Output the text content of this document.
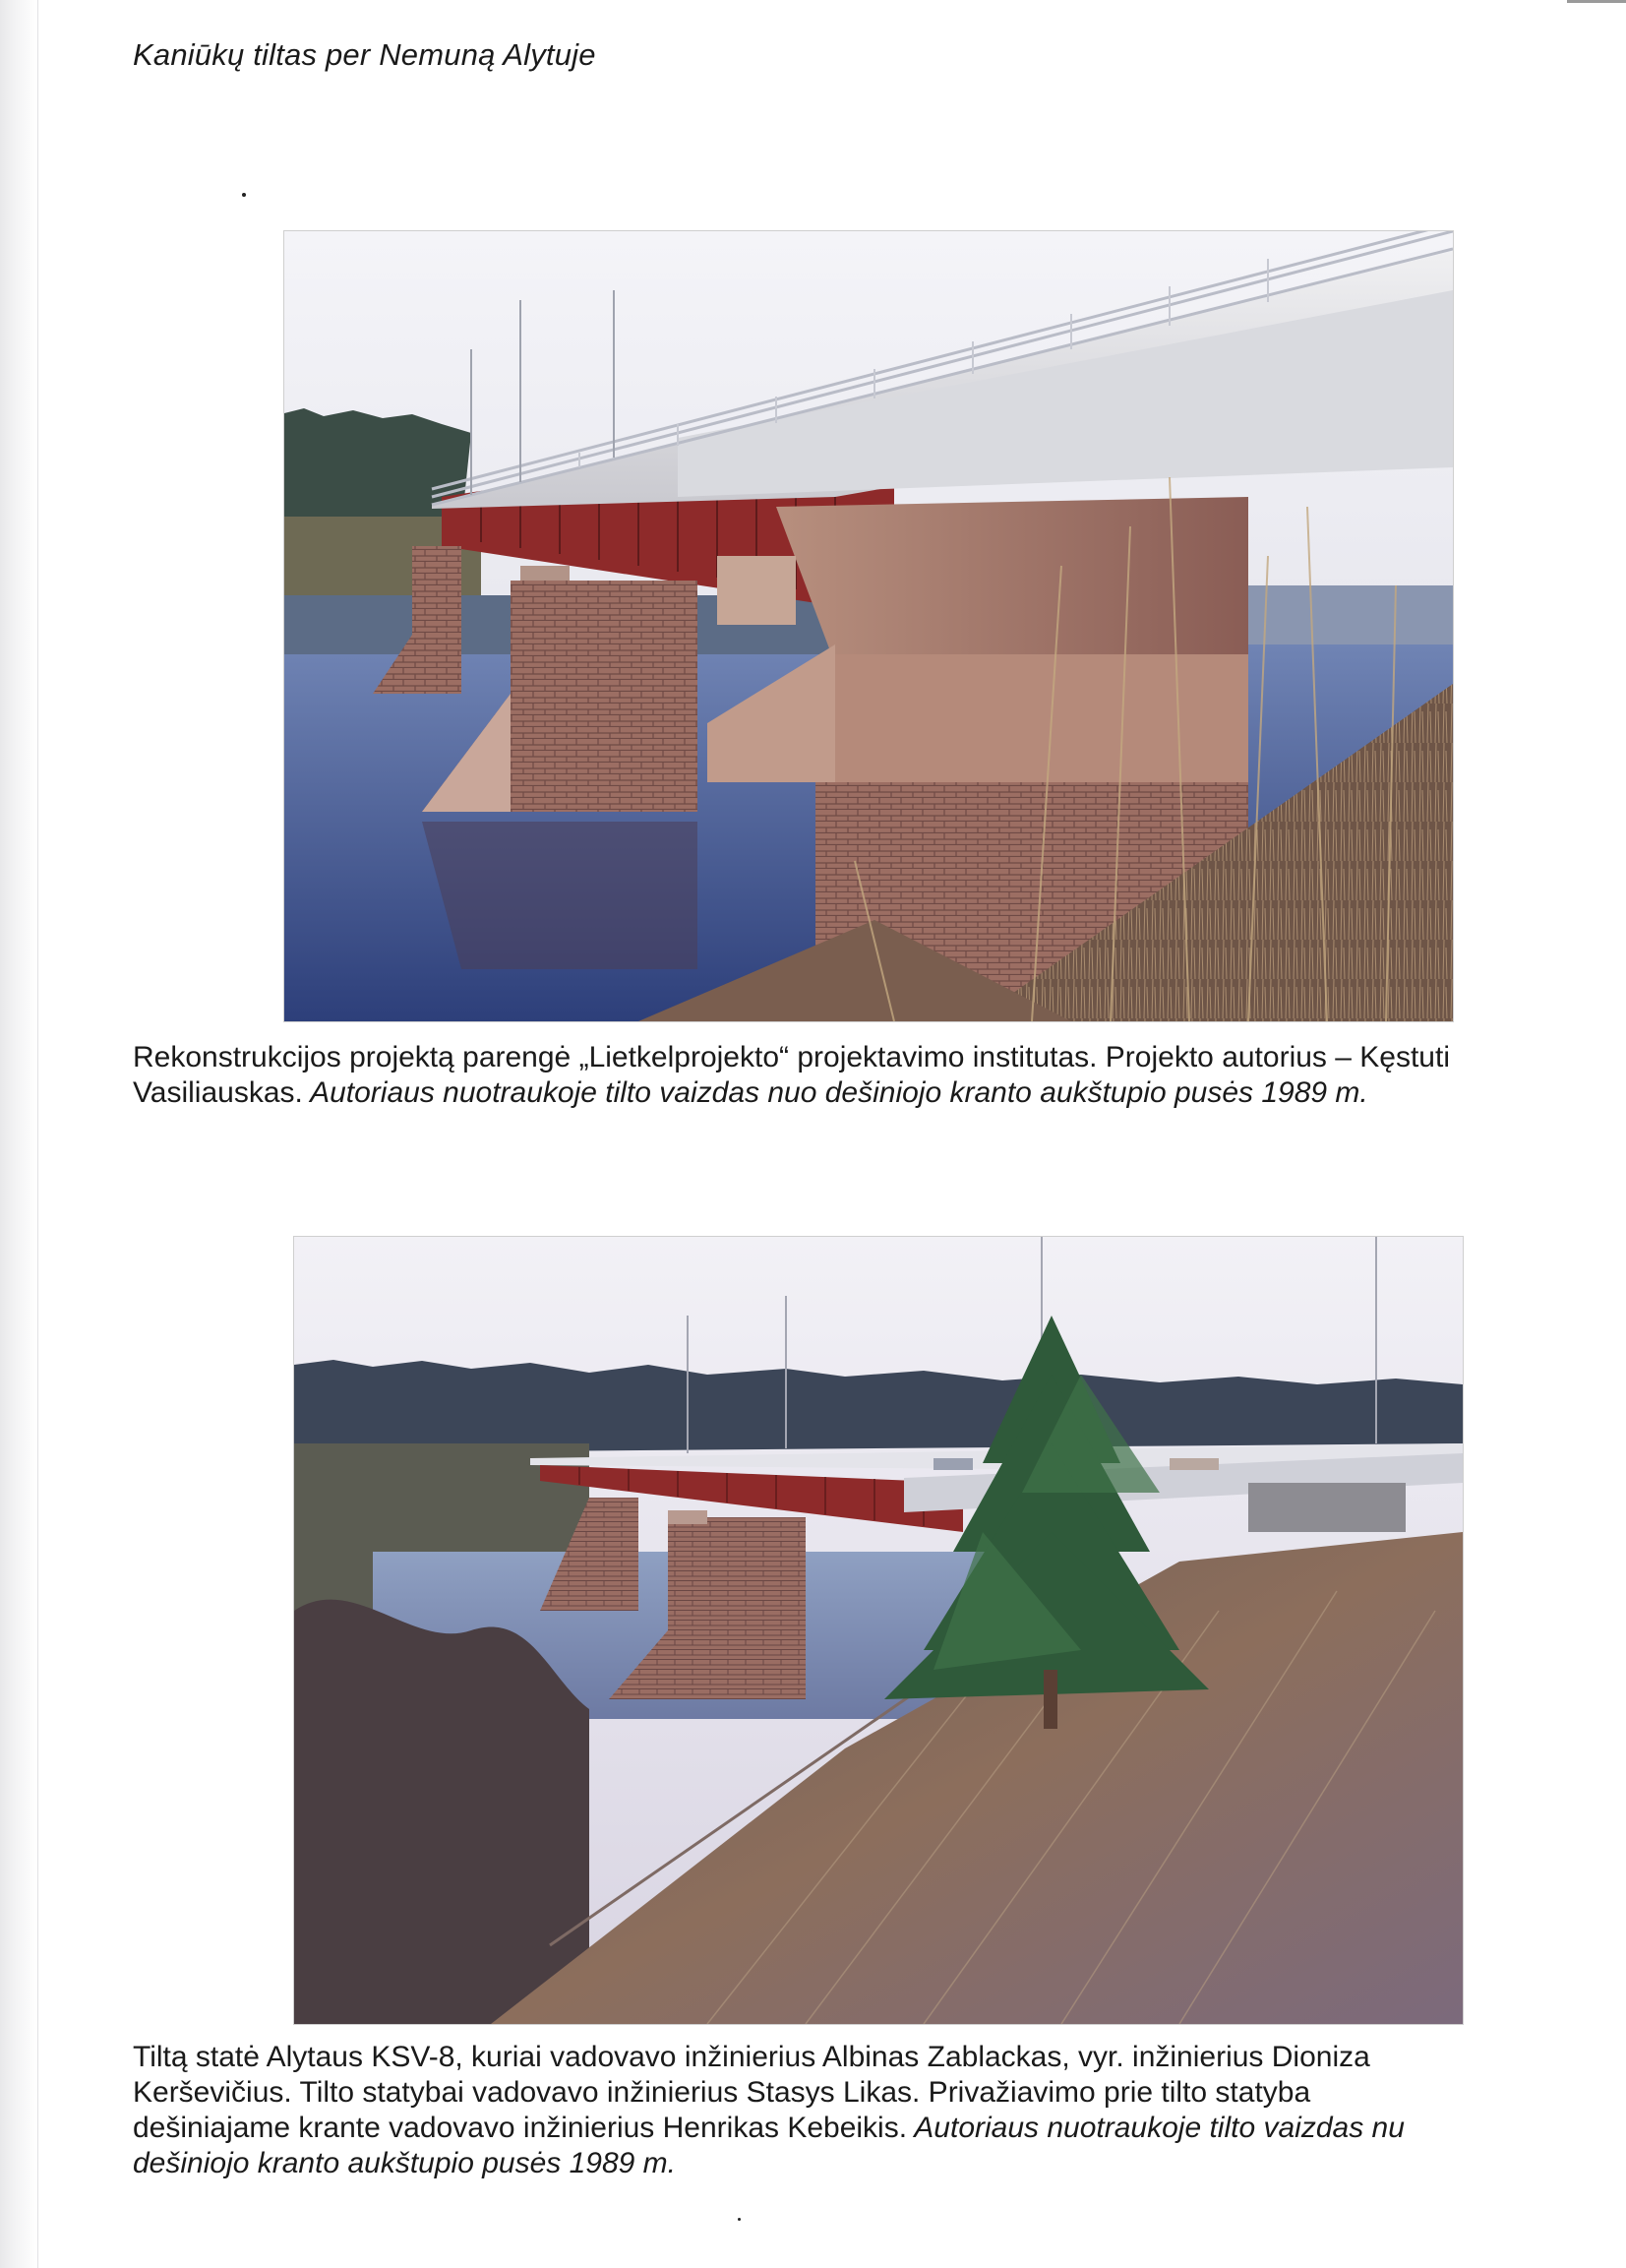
Kaniūkų tiltas per Nemuną Alytuje
Rekonstrukcijos projektą parengė „Lietkelprojekto“ projektavimo institutas. Projekto autorius – Kęstuti
Vasiliauskas. Autoriaus nuotraukoje tilto vaizdas nuo dešiniojo kranto aukštupio pusės 1989 m.
Tiltą statė Alytaus KSV-8, kuriai vadovavo inžinierius Albinas Zablackas, vyr. inžinierius Dioniza
Kerševičius. Tilto statybai vadovavo inžinierius Stasys Likas. Privažiavimo prie tilto statyba
dešiniajame krante vadovavo inžinierius Henrikas Kebeikis. Autoriaus nuotraukoje tilto vaizdas nu
dešiniojo kranto aukštupio pusės 1989 m.
